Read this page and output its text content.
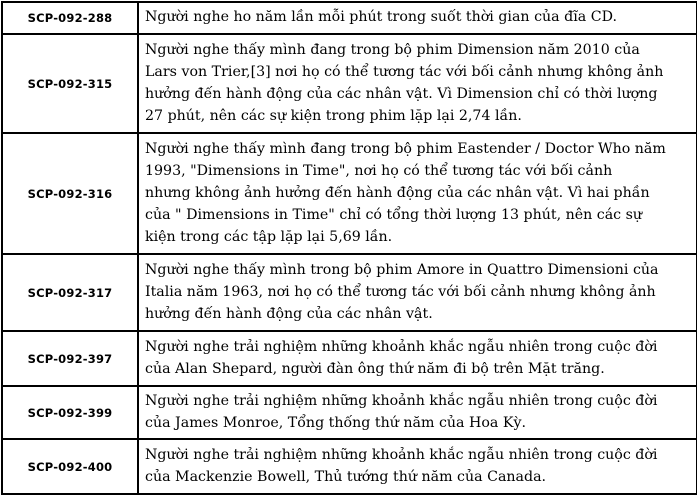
SCP-092-288	Người nghe ho năm lần mỗi phút trong suốt thời gian của đĩa CD.

SCP-092-315	Người nghe thấy mình đang trong bộ phim Dimension năm 2010 của
Lars von Trier,[3] nơi họ có thể tương tác với bối cảnh nhưng không ảnh
hưởng đến hành động của các nhân vật. Vì Dimension chỉ có thời lượng
27 phút, nên các sự kiện trong phim lặp lại 2,74 lần.

SCP-092-316	Người nghe thấy mình đang trong bộ phim Eastender / Doctor Who năm
1993, "Dimensions in Time", nơi họ có thể tương tác với bối cảnh
nhưng không ảnh hưởng đến hành động của các nhân vật. Vì hai phần
của " Dimensions in Time" chỉ có tổng thời lượng 13 phút, nên các sự
kiện trong các tập lặp lại 5,69 lần.

SCP-092-317	Người nghe thấy mình trong bộ phim Amore in Quattro Dimensioni của
Italia năm 1963, nơi họ có thể tương tác với bối cảnh nhưng không ảnh
hưởng đến hành động của các nhân vật.

SCP-092-397	Người nghe trải nghiệm những khoảnh khắc ngẫu nhiên trong cuộc đời
của Alan Shepard, người đàn ông thứ năm đi bộ trên Mặt trăng.

SCP-092-399	Người nghe trải nghiệm những khoảnh khắc ngẫu nhiên trong cuộc đời
của James Monroe, Tổng thống thứ năm của Hoa Kỳ.

SCP-092-400	Người nghe trải nghiệm những khoảnh khắc ngẫu nhiên trong cuộc đời
của Mackenzie Bowell, Thủ tướng thứ năm của Canada.
